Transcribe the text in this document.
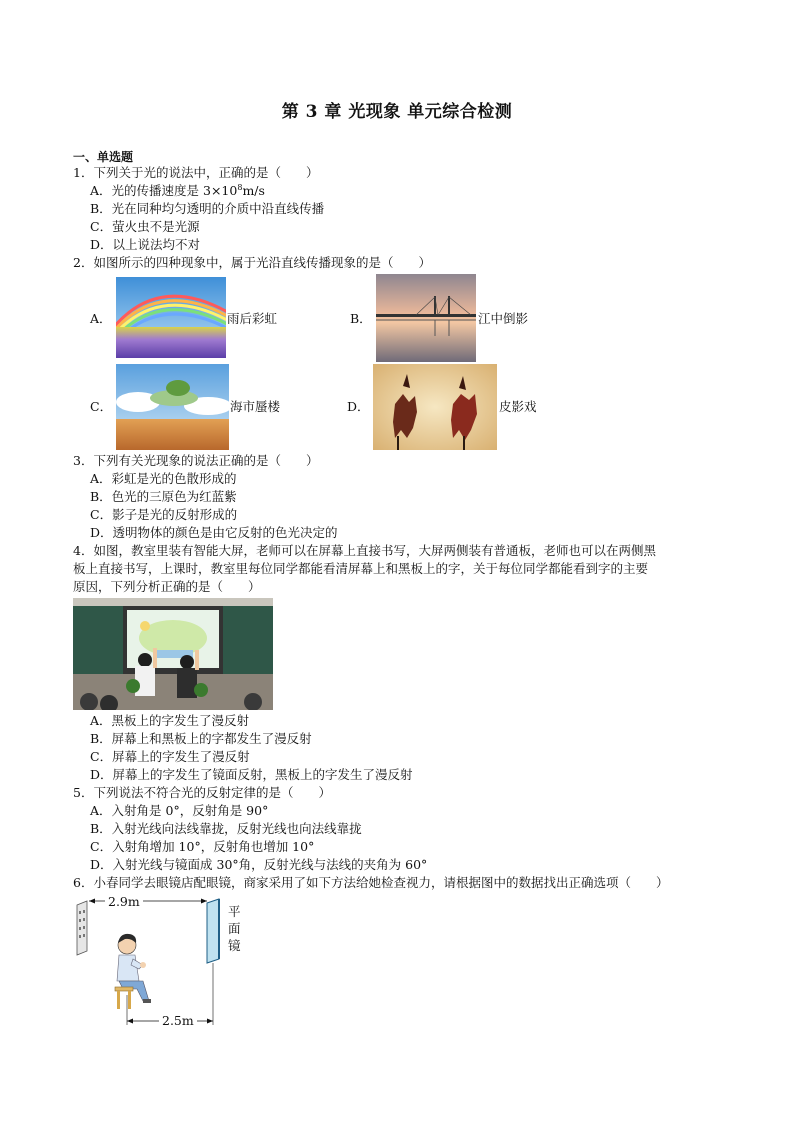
第 3 章 光现象 单元综合检测
一、单选题
1．下列关于光的说法中，正确的是（　　）
A．光的传播速度是 $3\times 10^8m/s$
B．光在同种均匀透明的介质中沿直线传播
C．萤火虫不是光源
D．以上说法均不对
2．如图所示的四种现象中，属于光沿直线传播现象的是（　　）
A．	雨后彩虹	B．	江中倒影
C．	海市蜃楼	D．	皮影戏
3．下列有关光现象的说法正确的是（　　）
A．彩虹是光的色散形成的
B．色光的三原色为红蓝紫
C．影子是光的反射形成的
D．透明物体的颜色是由它反射的色光决定的
4．如图，教室里装有智能大屏，老师可以在屏幕上直接书写，大屏两侧装有普通板，老师也可以在两侧黑
板上直接书写，上课时，教室里每位同学都能看清屏幕上和黑板上的字，关于每位同学都能看到字的主要
原因，下列分析正确的是（　　）
A．黑板上的字发生了漫反射
B．屏幕上和黑板上的字都发生了漫反射
C．屏幕上的字发生了漫反射
D．屏幕上的字发生了镜面反射，黑板上的字发生了漫反射
5．下列说法不符合光的反射定律的是（　　）
A．入射角是 0°，反射角是 90°
B．入射光线向法线靠拢，反射光线也向法线靠拢
C．入射角增加 10°，反射角也增加 10°
D．入射光线与镜面成 30°角，反射光线与法线的夹角为 60°
6．小春同学去眼镜店配眼镜，商家采用了如下方法给她检查视力，请根据图中的数据找出正确选项（　　）
2.9m
2.5m
平
面
镜
